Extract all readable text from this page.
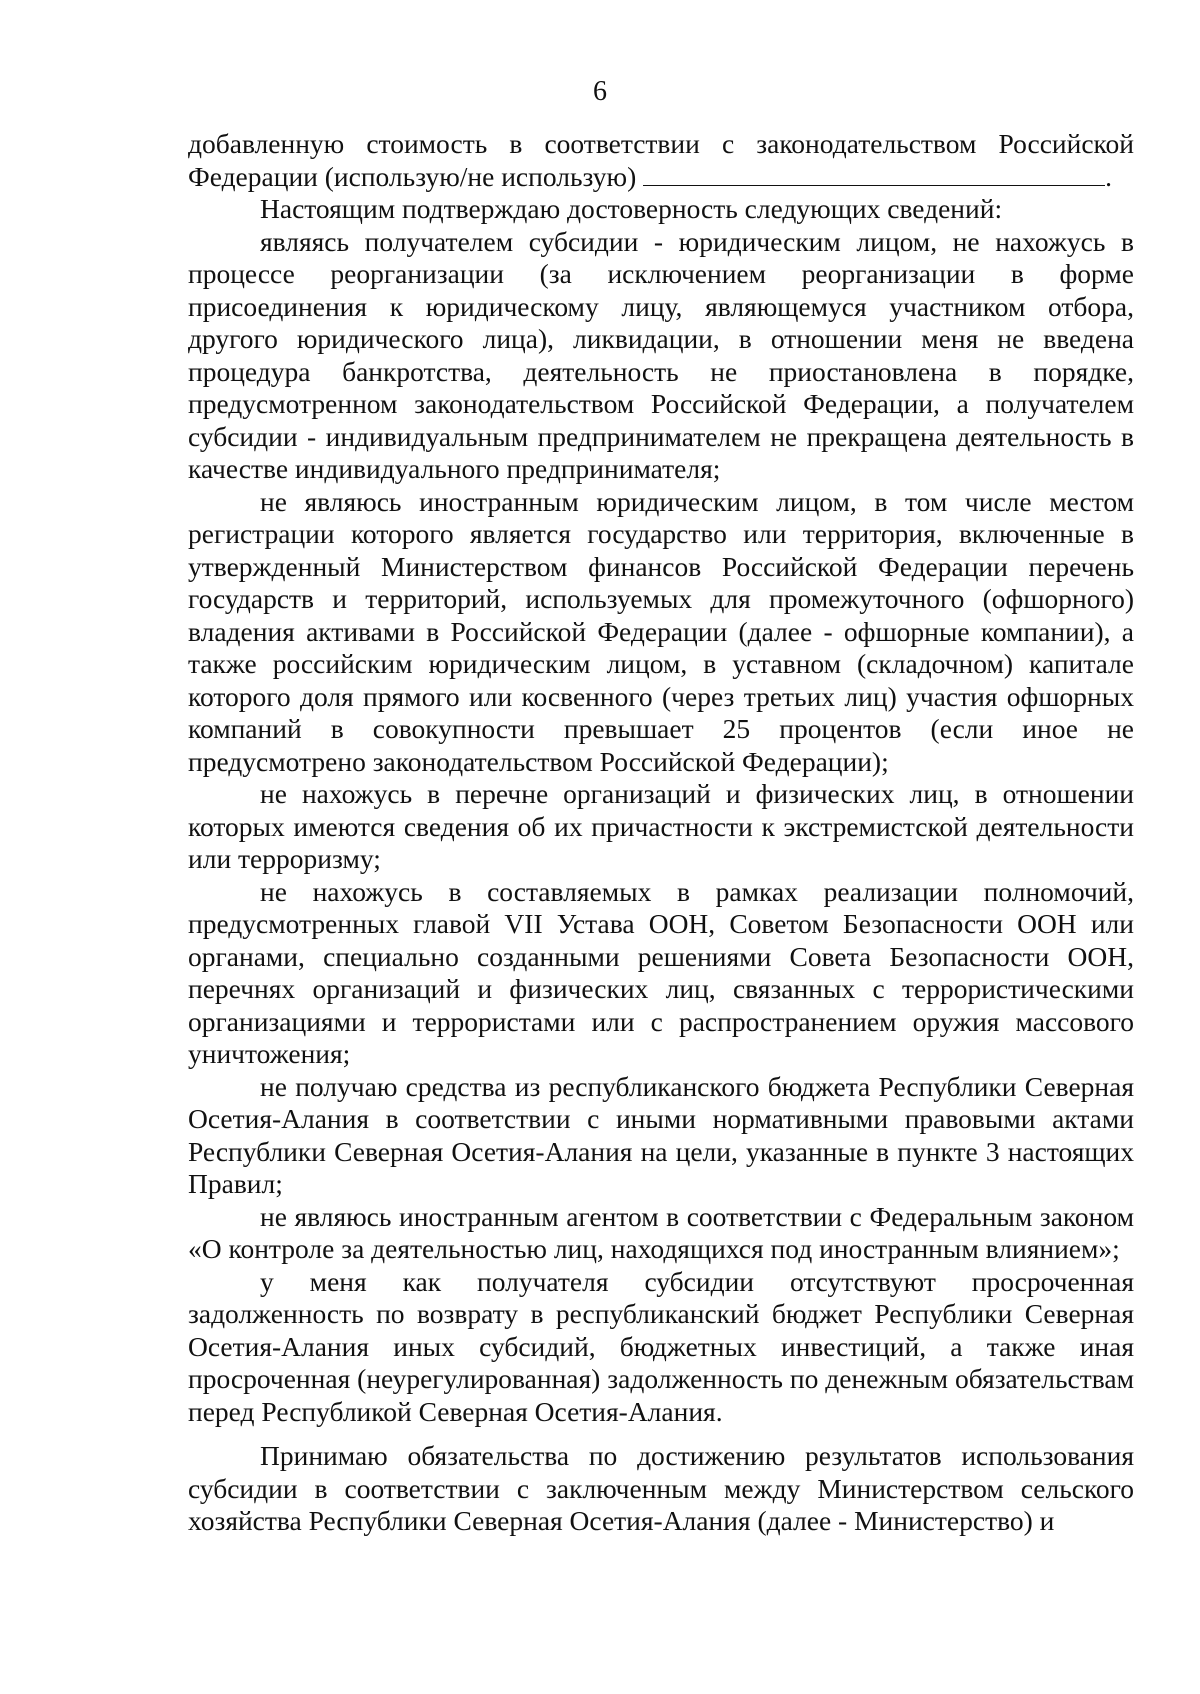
6

добавленную стоимость в соответствии с законодательством Российской Федерации (использую/не использую)	.

Настоящим подтверждаю достоверность следующих сведений:

являясь получателем субсидии - юридическим лицом, не нахожусь в процессе реорганизации (за исключением реорганизации в форме присоединения к юридическому лицу, являющемуся участником отбора, другого юридического лица), ликвидации, в отношении меня не введена процедура банкротства, деятельность не приостановлена в порядке, предусмотренном законодательством Российской Федерации, а получателем субсидии - индивидуальным предпринимателем не прекращена деятельность в качестве индивидуального предпринимателя;

не являюсь иностранным юридическим лицом, в том числе местом регистрации которого является государство или территория, включенные в утвержденный Министерством финансов Российской Федерации перечень государств и территорий, используемых для промежуточного (офшорного) владения активами в Российской Федерации (далее - офшорные компании), а также российским юридическим лицом, в уставном (складочном) капитале которого доля прямого или косвенного (через третьих лиц) участия офшорных компаний в совокупности превышает 25 процентов (если иное не предусмотрено законодательством Российской Федерации);

не нахожусь в перечне организаций и физических лиц, в отношении которых имеются сведения об их причастности к экстремистской деятельности или терроризму;

не нахожусь в составляемых в рамках реализации полномочий, предусмотренных главой VII Устава ООН, Советом Безопасности ООН или органами, специально созданными решениями Совета Безопасности ООН, перечнях организаций и физических лиц, связанных с террористическими организациями и террористами или с распространением оружия массового уничтожения;

не получаю средства из республиканского бюджета Республики Северная Осетия-Алания в соответствии с иными нормативными правовыми актами Республики Северная Осетия-Алания на цели, указанные в пункте 3 настоящих Правил;

не являюсь иностранным агентом в соответствии с Федеральным законом «О контроле за деятельностью лиц, находящихся под иностранным влиянием»;

у меня как получателя субсидии отсутствуют просроченная задолженность по возврату в республиканский бюджет Республики Северная Осетия-Алания иных субсидий, бюджетных инвестиций, а также иная просроченная (неурегулированная) задолженность по денежным обязательствам перед Республикой Северная Осетия-Алания.

Принимаю обязательства по достижению результатов использования субсидии в соответствии с заключенным между Министерством сельского хозяйства Республики Северная Осетия-Алания (далее - Министерство) и
